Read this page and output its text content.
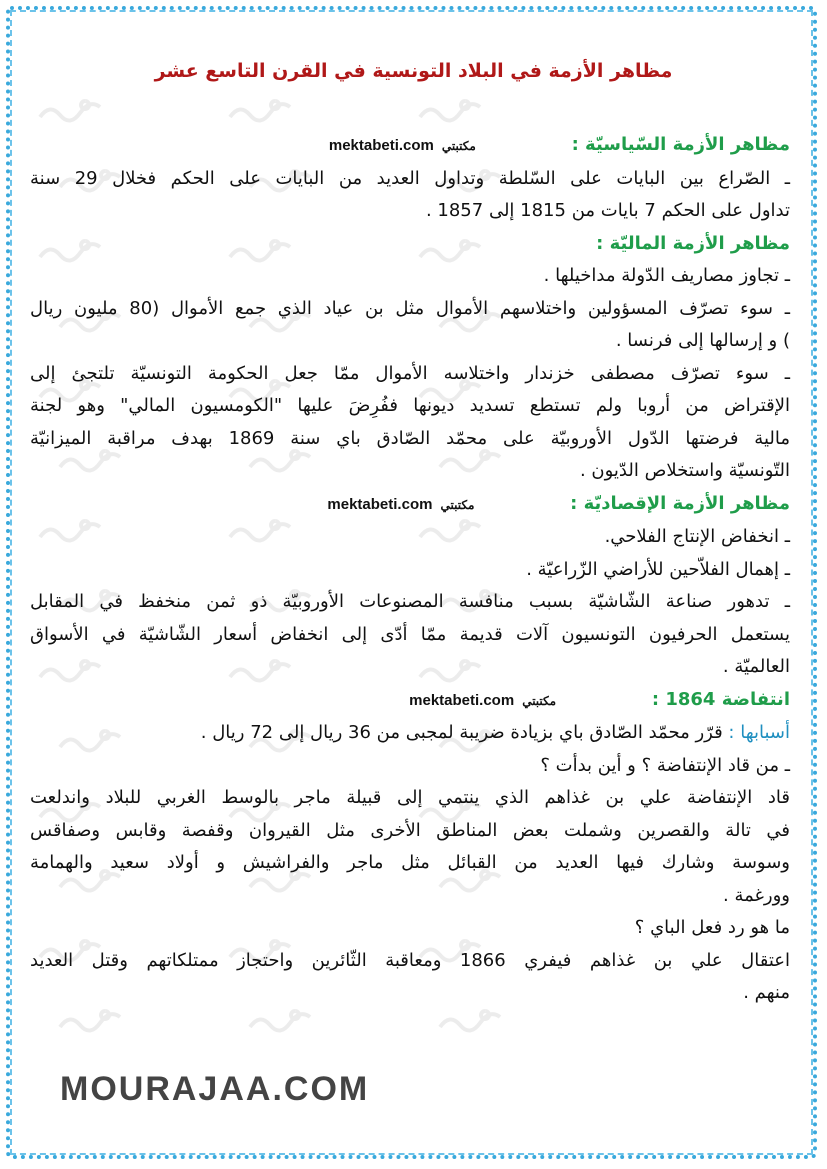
مظاهر الأزمة في البلاد التونسية في القرن التاسع عشر
مظاهر الأزمة السّياسيّة : mektabeti.com مكتبتي
ـ الصّراع بين البايات على السّلطة وتداول العديد من البايات على الحكم فخلال 29 سنة
تداول على الحكم 7 بايات من 1815 إلى 1857 .
مظاهر الأزمة الماليّة :
ـ تجاوز مصاريف الدّولة مداخيلها .
ـ سوء تصرّف المسؤولين واختلاسهم الأموال مثل بن عياد الذي جمع الأموال (80 مليون ريال
) و إرسالها إلى فرنسا .
ـ سوء تصرّف مصطفى خزندار واختلاسه الأموال ممّا جعل الحكومة التونسيّة تلتجئ إلى
الإقتراض من أروبا ولم تستطع تسديد ديونها ففُرِضَ عليها "الكومسيون المالي" وهو لجنة
مالية فرضتها الدّول الأوروبيّة على محمّد الصّادق باي سنة 1869 بهدف مراقبة الميزانيّة
التّونسيّة واستخلاص الدّيون .
مظاهر الأزمة الإقصاديّة : mektabeti.com مكتبتي
ـ انخفاض الإنتاج الفلاحي.
ـ إهمال الفلاّحين للأراضي الزّراعيّة .
ـ تدهور صناعة الشّاشيّة بسبب منافسة المصنوعات الأوروبيّة ذو ثمن منخفظ في المقابل
يستعمل الحرفيون التونسيون آلات قديمة ممّا أدّى إلى انخفاض أسعار الشّاشيّة في الأسواق
العالميّة .
انتفاضة 1864 : mektabeti.com مكتبتي
أسبابها : قرّر محمّد الصّادق باي بزيادة ضريبة لمجبى من 36 ريال إلى 72 ريال .
ـ من قاد الإنتفاضة ؟ و أين بدأت ؟
قاد الإنتفاضة علي بن غذاهم الذي ينتمي إلى قبيلة ماجر بالوسط الغربي للبلاد واندلعت
في تالة والقصرين وشملت بعض المناطق الأخرى مثل القيروان وقفصة وقابس وصفاقس
وسوسة وشارك فيها العديد من القبائل مثل ماجر والفراشيش و أولاد سعيد والهمامة
وورغمة .
ما هو رد فعل الباي ؟
اعتقال علي بن غذاهم فيفري 1866 ومعاقبة الثّائرين واحتجاز ممتلكاتهم وقتل العديد
منهم .
MOURAJAA.COM
